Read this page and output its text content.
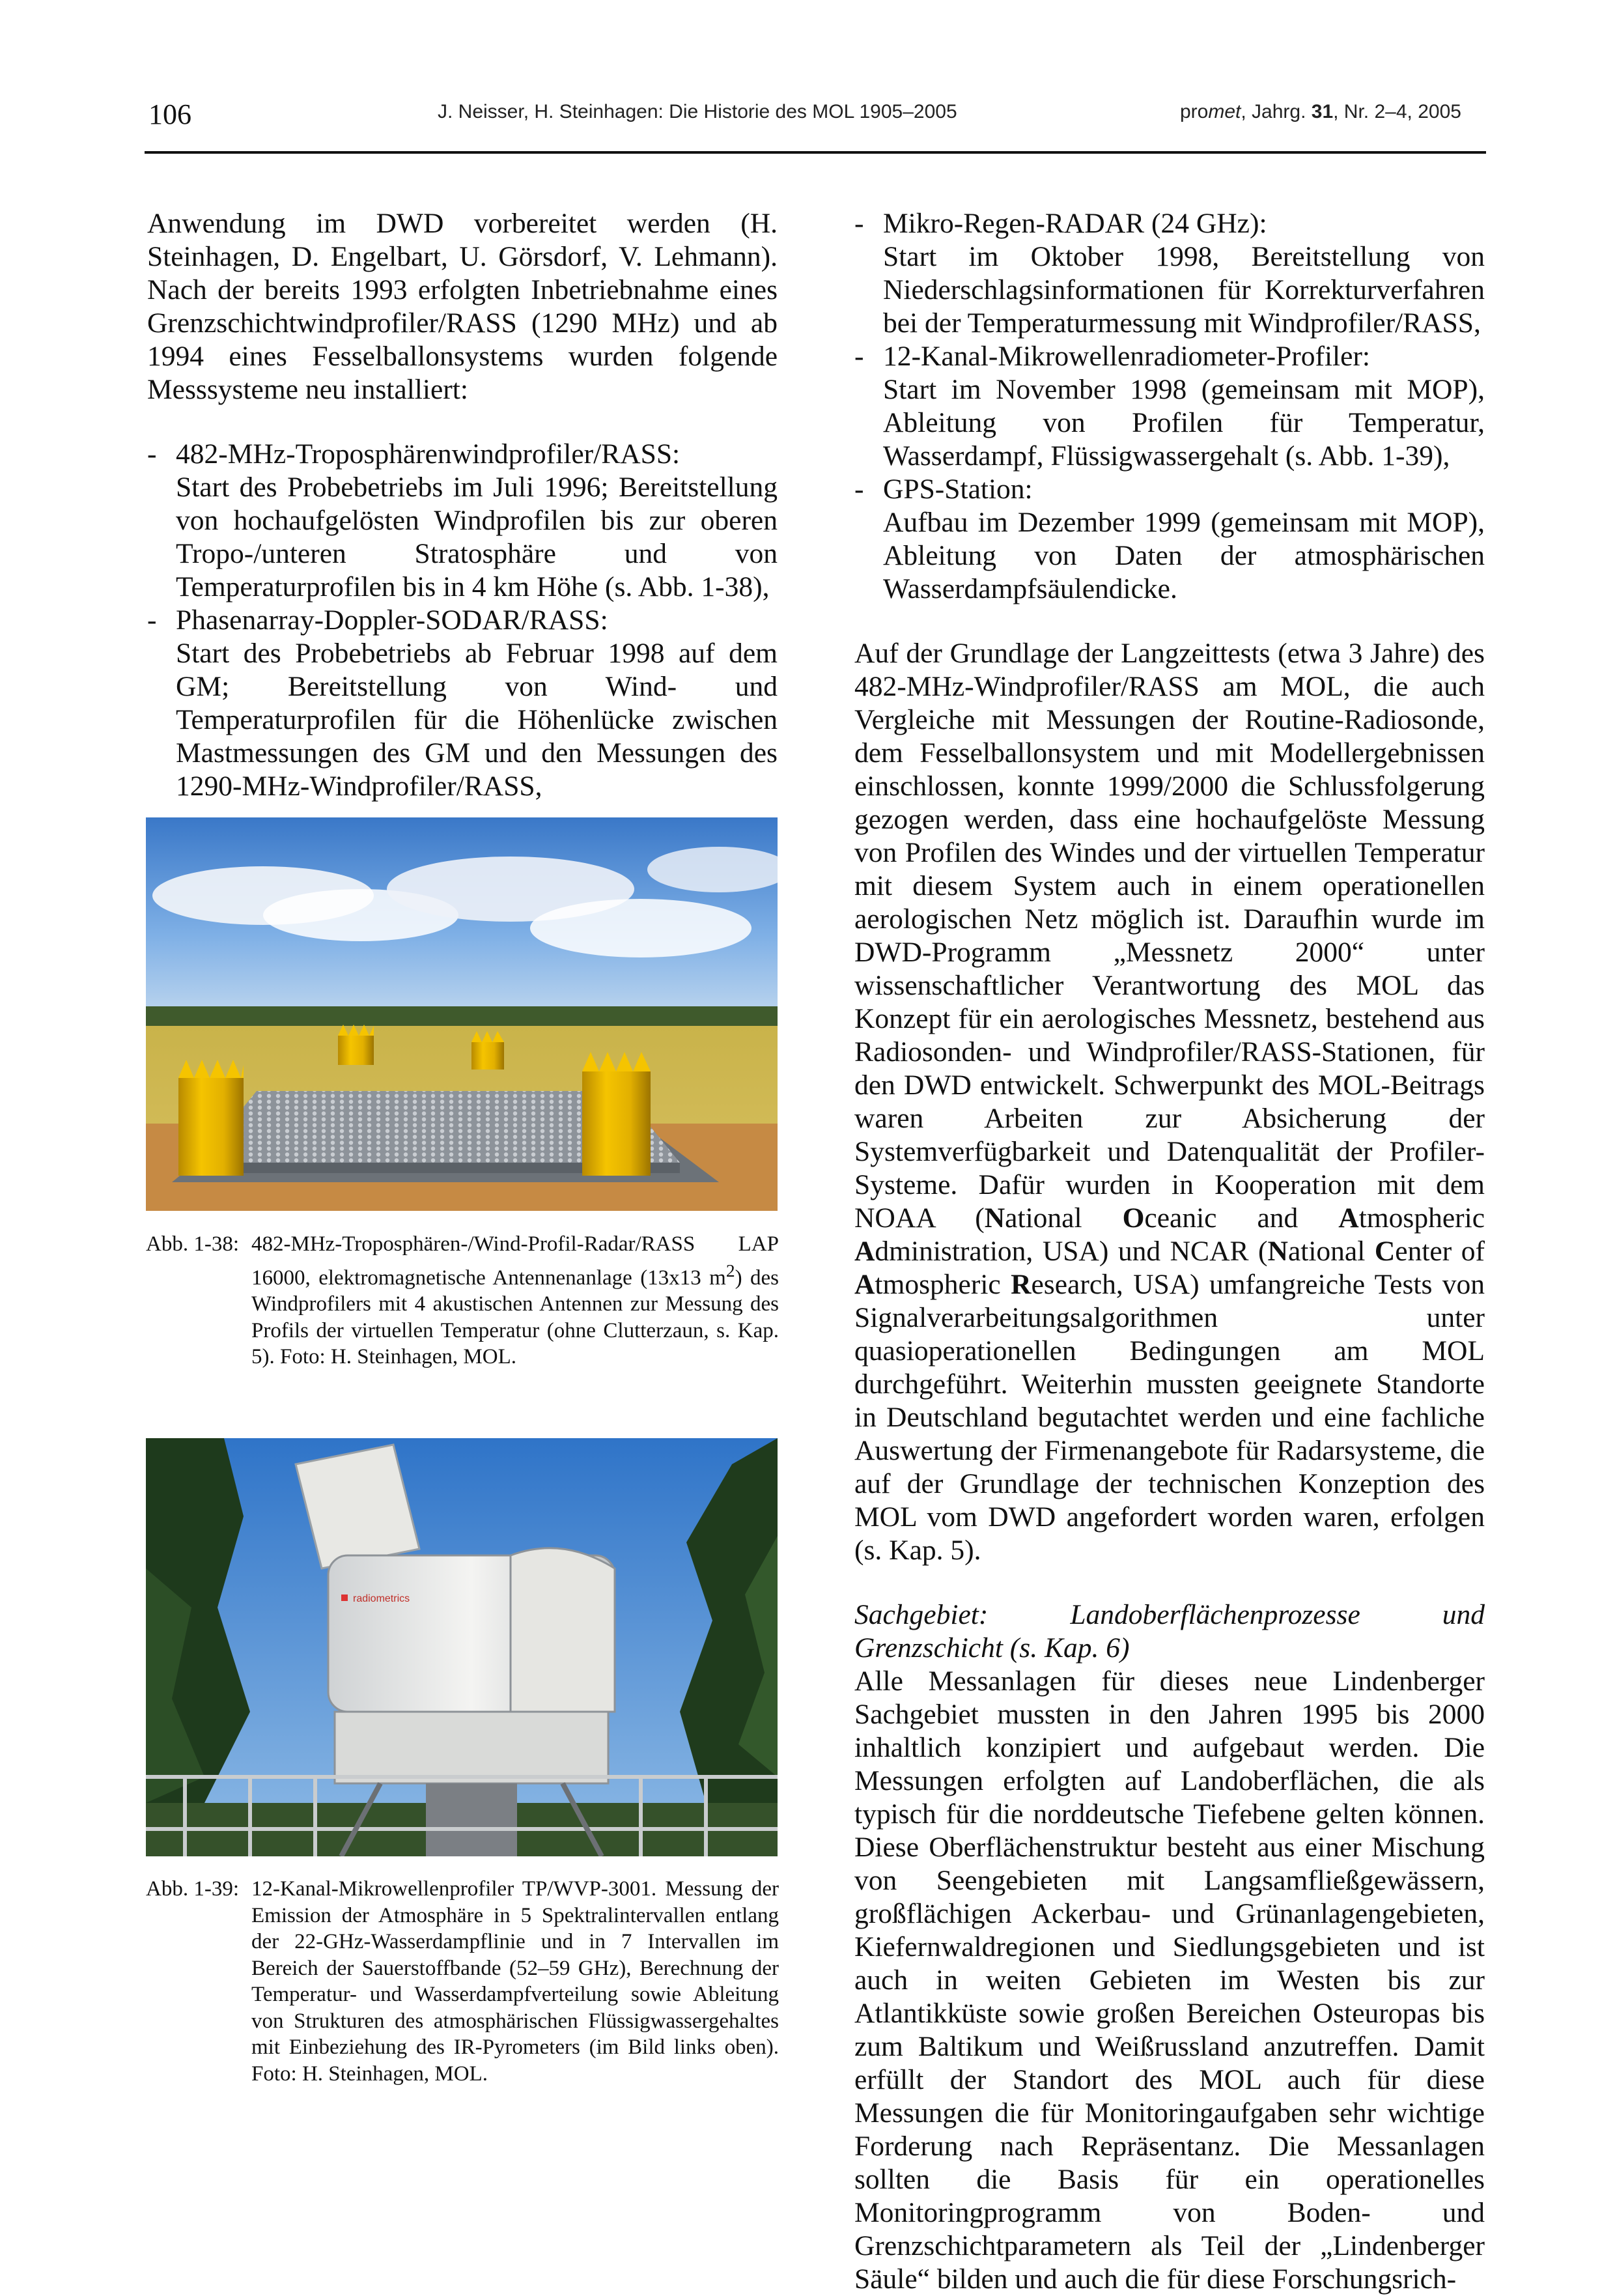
106	J. Neisser, H. Steinhagen: Die Historie des MOL 1905–2005	promet, Jahrg. 31, Nr. 2–4, 2005

Anwendung im DWD vorbereitet werden (H. Steinhagen, D. Engelbart, U. Görsdorf, V. Lehmann). Nach der bereits 1993 erfolgten Inbetriebnahme eines Grenzschichtwindprofiler/RASS (1290 MHz) und ab 1994 eines Fesselballonsystems wurden folgende Messsysteme neu installiert:

- 482-MHz-Troposphärenwindprofiler/RASS:
Start des Probebetriebs im Juli 1996; Bereitstellung von hochaufgelösten Windprofilen bis zur oberen Tropo-/unteren Stratosphäre und von Temperaturprofilen bis in 4 km Höhe (s. Abb. 1-38),
- Phasenarray-Doppler-SODAR/RASS:
Start des Probebetriebs ab Februar 1998 auf dem GM; Bereitstellung von Wind- und Temperaturprofilen für die Höhenlücke zwischen Mastmessungen des GM und den Messungen des 1290-MHz-Windprofiler/RASS,
Abb. 1-38: 482-MHz-Troposphären-/Wind-Profil-Radar/RASS LAP 16000, elektromagnetische Antennenanlage (13x13 $m^2$) des Windprofilers mit 4 akustischen Antennen zur Messung des Profils der virtuellen Temperatur (ohne Clutterzaun, s. Kap. 5). Foto: H. Steinhagen, MOL.
radiometrics
Abb. 1-39: 12-Kanal-Mikrowellenprofiler TP/WVP-3001. Messung der Emission der Atmosphäre in 5 Spektralintervallen entlang der 22-GHz-Wasserdampflinie und in 7 Intervallen im Bereich der Sauerstoffbande (52–59 GHz), Berechnung der Temperatur- und Wasserdampfverteilung sowie Ableitung von Strukturen des atmosphärischen Flüssigwassergehaltes mit Einbeziehung des IR-Pyrometers (im Bild links oben). Foto: H. Steinhagen, MOL.
- Mikro-Regen-RADAR (24 GHz):
Start im Oktober 1998, Bereitstellung von Niederschlagsinformationen für Korrekturverfahren bei der Temperaturmessung mit Windprofiler/RASS,
- 12-Kanal-Mikrowellenradiometer-Profiler:
Start im November 1998 (gemeinsam mit MOP), Ableitung von Profilen für Temperatur, Wasserdampf, Flüssigwassergehalt (s. Abb. 1-39),
- GPS-Station:
Aufbau im Dezember 1999 (gemeinsam mit MOP), Ableitung von Daten der atmosphärischen Wasserdampfsäulendicke.

Auf der Grundlage der Langzeittests (etwa 3 Jahre) des 482-MHz-Windprofiler/RASS am MOL, die auch Vergleiche mit Messungen der Routine-Radiosonde, dem Fesselballonsystem und mit Modellergebnissen einschlossen, konnte 1999/2000 die Schlussfolgerung gezogen werden, dass eine hochaufgelöste Messung von Profilen des Windes und der virtuellen Temperatur mit diesem System auch in einem operationellen aerologischen Netz möglich ist. Daraufhin wurde im DWD-Programm „Messnetz 2000“ unter wissenschaftlicher Verantwortung des MOL das Konzept für ein aerologisches Messnetz, bestehend aus Radiosonden- und Windprofiler/RASS-Stationen, für den DWD entwickelt. Schwerpunkt des MOL-Beitrags waren Arbeiten zur Absicherung der Systemverfügbarkeit und Datenqualität der Profiler-Systeme. Dafür wurden in Kooperation mit dem NOAA (National Oceanic and Atmospheric Administration, USA) und NCAR (National Center of Atmospheric Research, USA) umfangreiche Tests von Signalverarbeitungsalgorithmen unter quasioperationellen Bedingungen am MOL durchgeführt. Weiterhin mussten geeignete Standorte in Deutschland begutachtet werden und eine fachliche Auswertung der Firmenangebote für Radarsysteme, die auf der Grundlage der technischen Konzeption des MOL vom DWD angefordert worden waren, erfolgen (s. Kap. 5).

Sachgebiet: Landoberflächenprozesse und Grenzschicht (s. Kap. 6)

Alle Messanlagen für dieses neue Lindenberger Sachgebiet mussten in den Jahren 1995 bis 2000 inhaltlich konzipiert und aufgebaut werden. Die Messungen erfolgten auf Landoberflächen, die als typisch für die norddeutsche Tiefebene gelten können. Diese Oberflächenstruktur besteht aus einer Mischung von Seengebieten mit Langsamfließgewässern, großflächigen Ackerbau- und Grünanlagengebieten, Kiefernwaldregionen und Siedlungsgebieten und ist auch in weiten Gebieten im Westen bis zur Atlantikküste sowie großen Bereichen Osteuropas bis zum Baltikum und Weißrussland anzutreffen. Damit erfüllt der Standort des MOL auch für diese Messungen die für Monitoringaufgaben sehr wichtige Forderung nach Repräsentanz. Die Messanlagen sollten die Basis für ein operationelles Monitoringprogramm von Boden- und Grenzschichtparametern als Teil der „Lindenberger Säule“ bilden und auch die für diese Forschungsrich-
